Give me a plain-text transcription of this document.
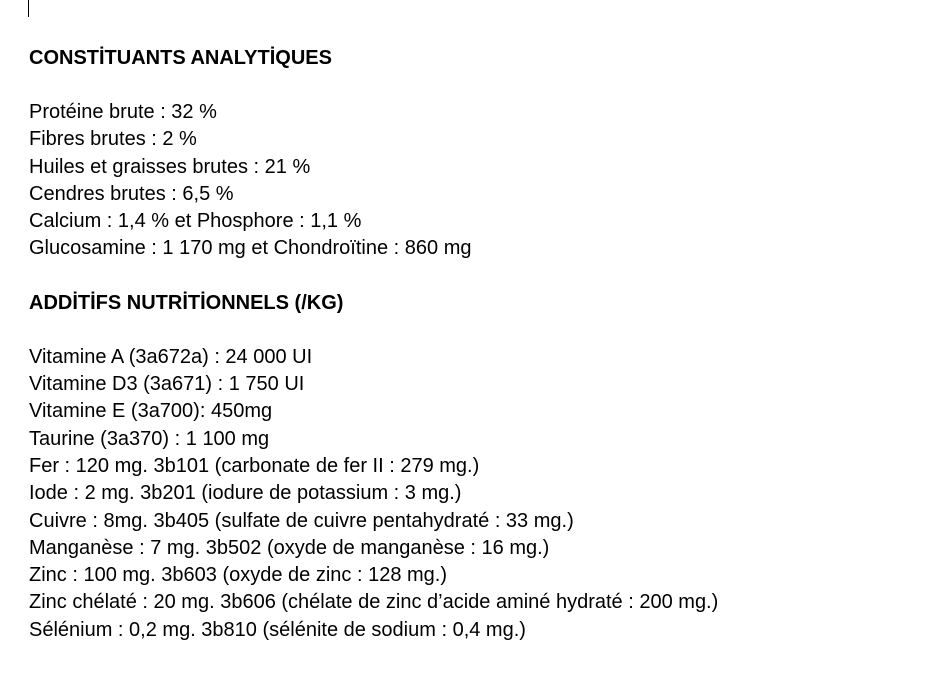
CONSTİTUANTS ANALYTİQUES

Protéine brute : 32 %

Fibres brutes : 2 %

Huiles et graisses brutes : 21 %

Cendres brutes : 6,5 %

Calcium : 1,4 % et Phosphore : 1,1 %

Glucosamine : 1 170 mg et Chondroïtine : 860 mg

ADDİTİFS NUTRİTİONNELS (/KG)

Vitamine A (3a672a) : 24 000 UI

Vitamine D3 (3a671) : 1 750 UI

Vitamine E (3a700): 450mg

Taurine (3a370) : 1 100 mg

Fer : 120 mg. 3b101 (carbonate de fer II : 279 mg.)

Iode : 2 mg. 3b201 (iodure de potassium : 3 mg.)

Cuivre : 8mg. 3b405 (sulfate de cuivre pentahydraté : 33 mg.)

Manganèse : 7 mg. 3b502 (oxyde de manganèse : 16 mg.)

Zinc : 100 mg. 3b603 (oxyde de zinc : 128 mg.)

Zinc chélaté : 20 mg. 3b606 (chélate de zinc d’acide aminé hydraté : 200 mg.)

Sélénium : 0,2 mg. 3b810 (sélénite de sodium : 0,4 mg.)
